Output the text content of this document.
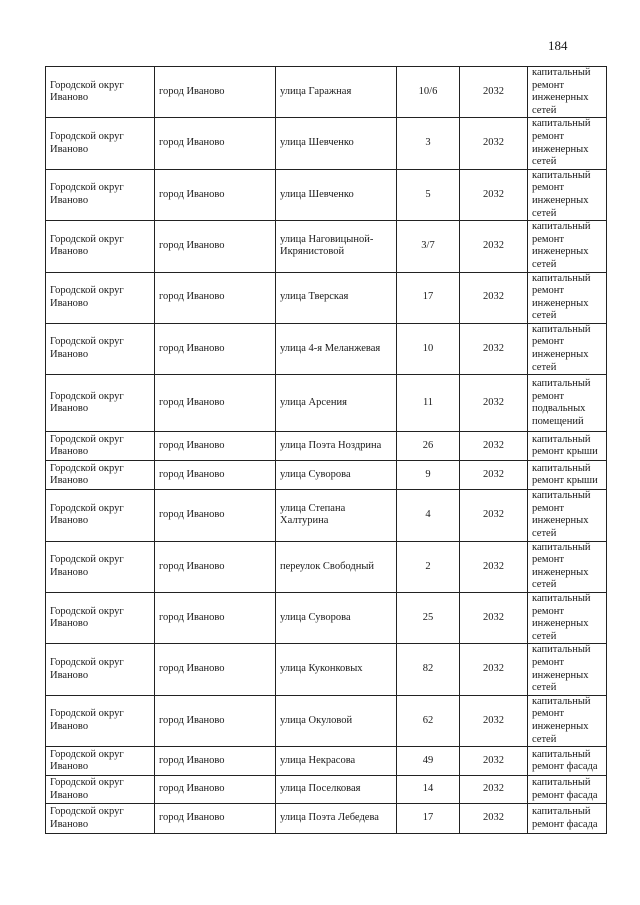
184
Городской округ Иваново	город Иваново	улица Гаражная	10/6	2032	капитальный ремонт инженерных сетей
Городской округ Иваново	город Иваново	улица Шевченко	3	2032	капитальный ремонт инженерных сетей
Городской округ Иваново	город Иваново	улица Шевченко	5	2032	капитальный ремонт инженерных сетей
Городской округ Иваново	город Иваново	улица Наговицыной-Икрянистовой	3/7	2032	капитальный ремонт инженерных сетей
Городской округ Иваново	город Иваново	улица Тверская	17	2032	капитальный ремонт инженерных сетей
Городской округ Иваново	город Иваново	улица 4-я Меланжевая	10	2032	капитальный ремонт инженерных сетей
Городской округ Иваново	город Иваново	улица Арсения	11	2032	капитальный ремонт подвальных помещений
Городской округ Иваново	город Иваново	улица Поэта Ноздрина	26	2032	капитальный ремонт крыши
Городской округ Иваново	город Иваново	улица Суворова	9	2032	капитальный ремонт крыши
Городской округ Иваново	город Иваново	улица Степана Халтурина	4	2032	капитальный ремонт инженерных сетей
Городской округ Иваново	город Иваново	переулок Свободный	2	2032	капитальный ремонт инженерных сетей
Городской округ Иваново	город Иваново	улица Суворова	25	2032	капитальный ремонт инженерных сетей
Городской округ Иваново	город Иваново	улица Куконковых	82	2032	капитальный ремонт инженерных сетей
Городской округ Иваново	город Иваново	улица Окуловой	62	2032	капитальный ремонт инженерных сетей
Городской округ Иваново	город Иваново	улица Некрасова	49	2032	капитальный ремонт фасада
Городской округ Иваново	город Иваново	улица Поселковая	14	2032	капитальный ремонт фасада
Городской округ Иваново	город Иваново	улица Поэта Лебедева	17	2032	капитальный ремонт фасада
